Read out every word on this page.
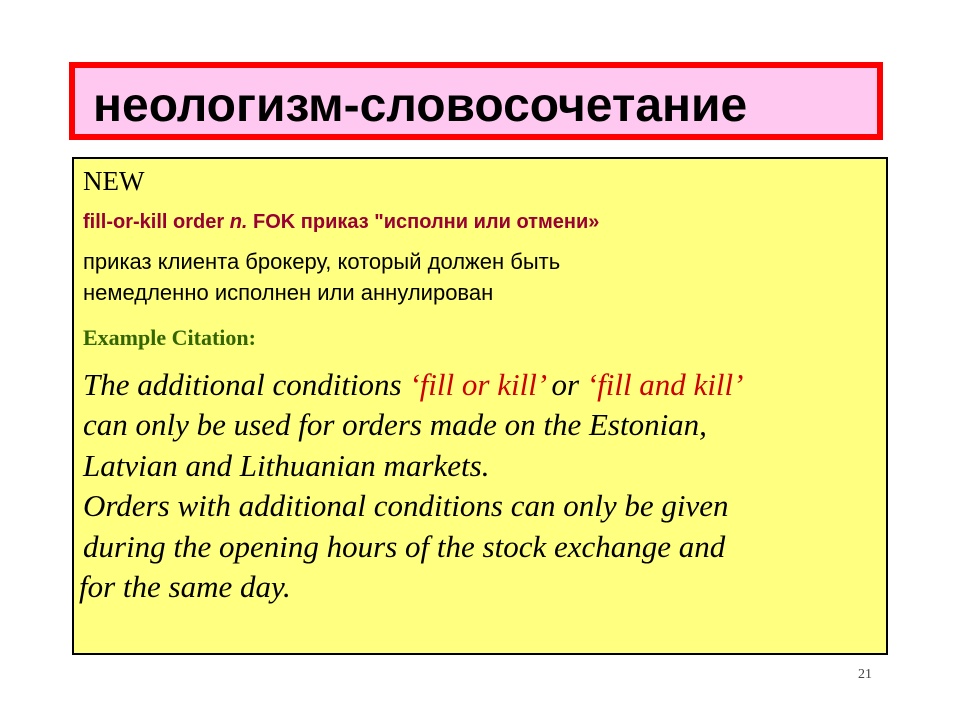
неологизм-словосочетание
NEW
fill-or-kill order n. FOK приказ "исполни или отмени»
приказ клиента брокеру, который должен быть
немедленно исполнен или аннулирован
Example Citation:
The additional conditions ‘fill or kill’ or ‘fill and kill’
can only be used for orders made on the Estonian,
Latvian and Lithuanian markets.
Orders with additional conditions can only be given
during the opening hours of the stock exchange and
for the same day.
21
